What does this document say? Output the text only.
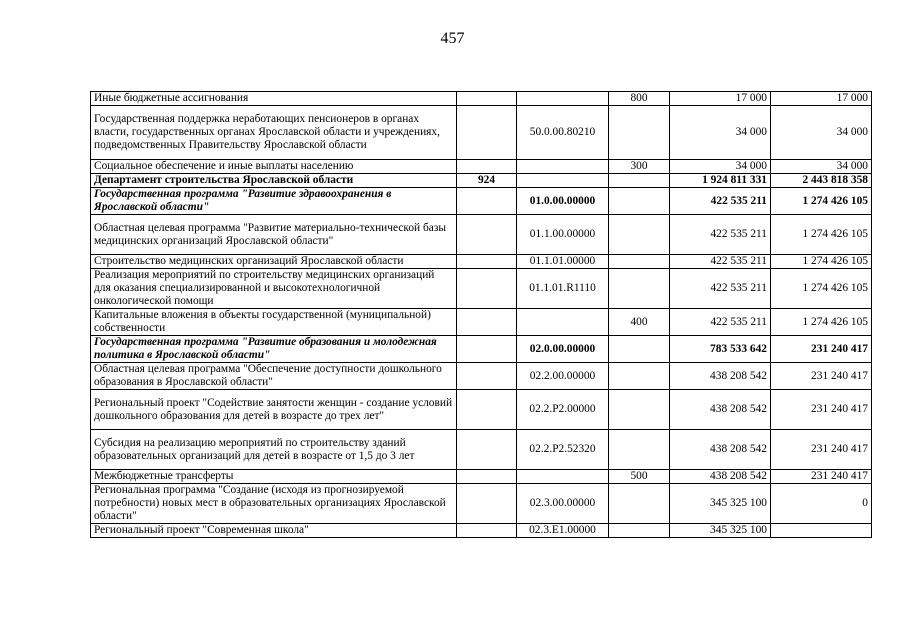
457
Иные бюджетные ассигнования			800	17 000	17 000
Государственная поддержка неработающих пенсионеров в органах власти, государственных органах Ярославской области и учреждениях, подведомственных Правительству Ярославской области		50.0.00.80210		34 000	34 000
Социальное обеспечение и иные выплаты населению			300	34 000	34 000
Департамент строительства Ярославской области	924			1 924 811 331	2 443 818 358
Государственная программа "Развитие здравоохранения в Ярославской области"		01.0.00.00000		422 535 211	1 274 426 105
Областная целевая программа "Развитие материально-технической базы медицинских организаций Ярославской области"		01.1.00.00000		422 535 211	1 274 426 105
Строительство медицинских организаций Ярославской области		01.1.01.00000		422 535 211	1 274 426 105
Реализация мероприятий по строительству медицинских организаций для оказания специализированной и высокотехнологичной онкологической помощи		01.1.01.R1110		422 535 211	1 274 426 105
Капитальные вложения в объекты государственной (муниципальной) собственности			400	422 535 211	1 274 426 105
Государственная программа "Развитие образования и молодежная политика в Ярославской области"		02.0.00.00000		783 533 642	231 240 417
Областная целевая программа "Обеспечение доступности дошкольного образования в Ярославской области"		02.2.00.00000		438 208 542	231 240 417
Региональный проект "Содействие занятости женщин - создание условий дошкольного образования для детей в возрасте до трех лет"		02.2.P2.00000		438 208 542	231 240 417
Субсидия на реализацию мероприятий по строительству зданий образовательных организаций для детей в возрасте от 1,5 до 3 лет		02.2.P2.52320		438 208 542	231 240 417
Межбюджетные трансферты			500	438 208 542	231 240 417
Региональная программа "Создание (исходя из прогнозируемой потребности) новых мест в образовательных организациях Ярославской области"		02.3.00.00000		345 325 100	0
Региональный проект "Современная школа"		02.3.E1.00000		345 325 100	
